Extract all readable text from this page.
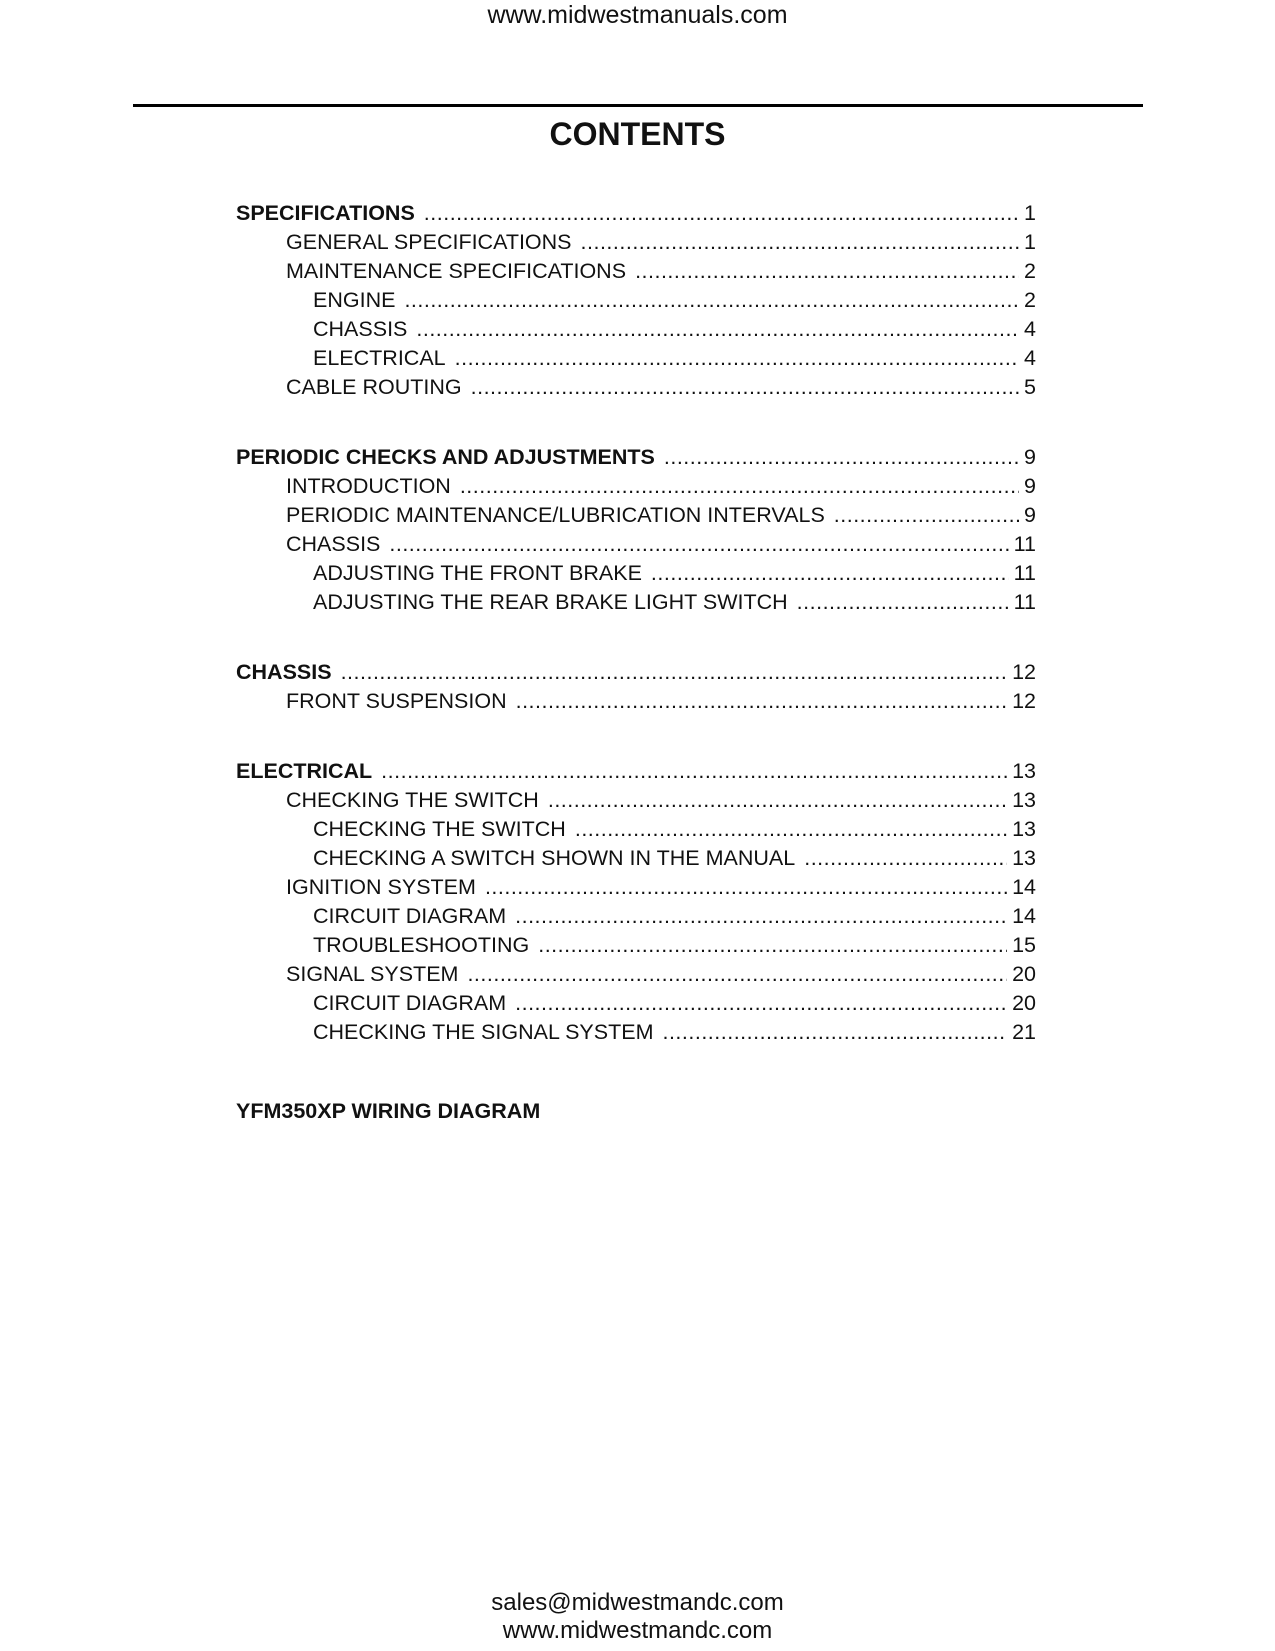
www.midwestmanuals.com
CONTENTS
SPECIFICATIONS .....	1
GENERAL SPECIFICATIONS .....	1
MAINTENANCE SPECIFICATIONS .....	2
ENGINE .....	2
CHASSIS .....	4
ELECTRICAL .....	4
CABLE ROUTING .....	5
PERIODIC CHECKS AND ADJUSTMENTS .....	9
INTRODUCTION .....	9
PERIODIC MAINTENANCE/LUBRICATION INTERVALS .....	9
CHASSIS .....	11
ADJUSTING THE FRONT BRAKE .....	11
ADJUSTING THE REAR BRAKE LIGHT SWITCH .....	11
CHASSIS .....	12
FRONT SUSPENSION .....	12
ELECTRICAL .....	13
CHECKING THE SWITCH .....	13
CHECKING THE SWITCH .....	13
CHECKING A SWITCH SHOWN IN THE MANUAL .....	13
IGNITION SYSTEM .....	14
CIRCUIT DIAGRAM .....	14
TROUBLESHOOTING .....	15
SIGNAL SYSTEM .....	20
CIRCUIT DIAGRAM .....	20
CHECKING THE SIGNAL SYSTEM .....	21
YFM350XP WIRING DIAGRAM
sales@midwestmandc.com
www.midwestmandc.com
